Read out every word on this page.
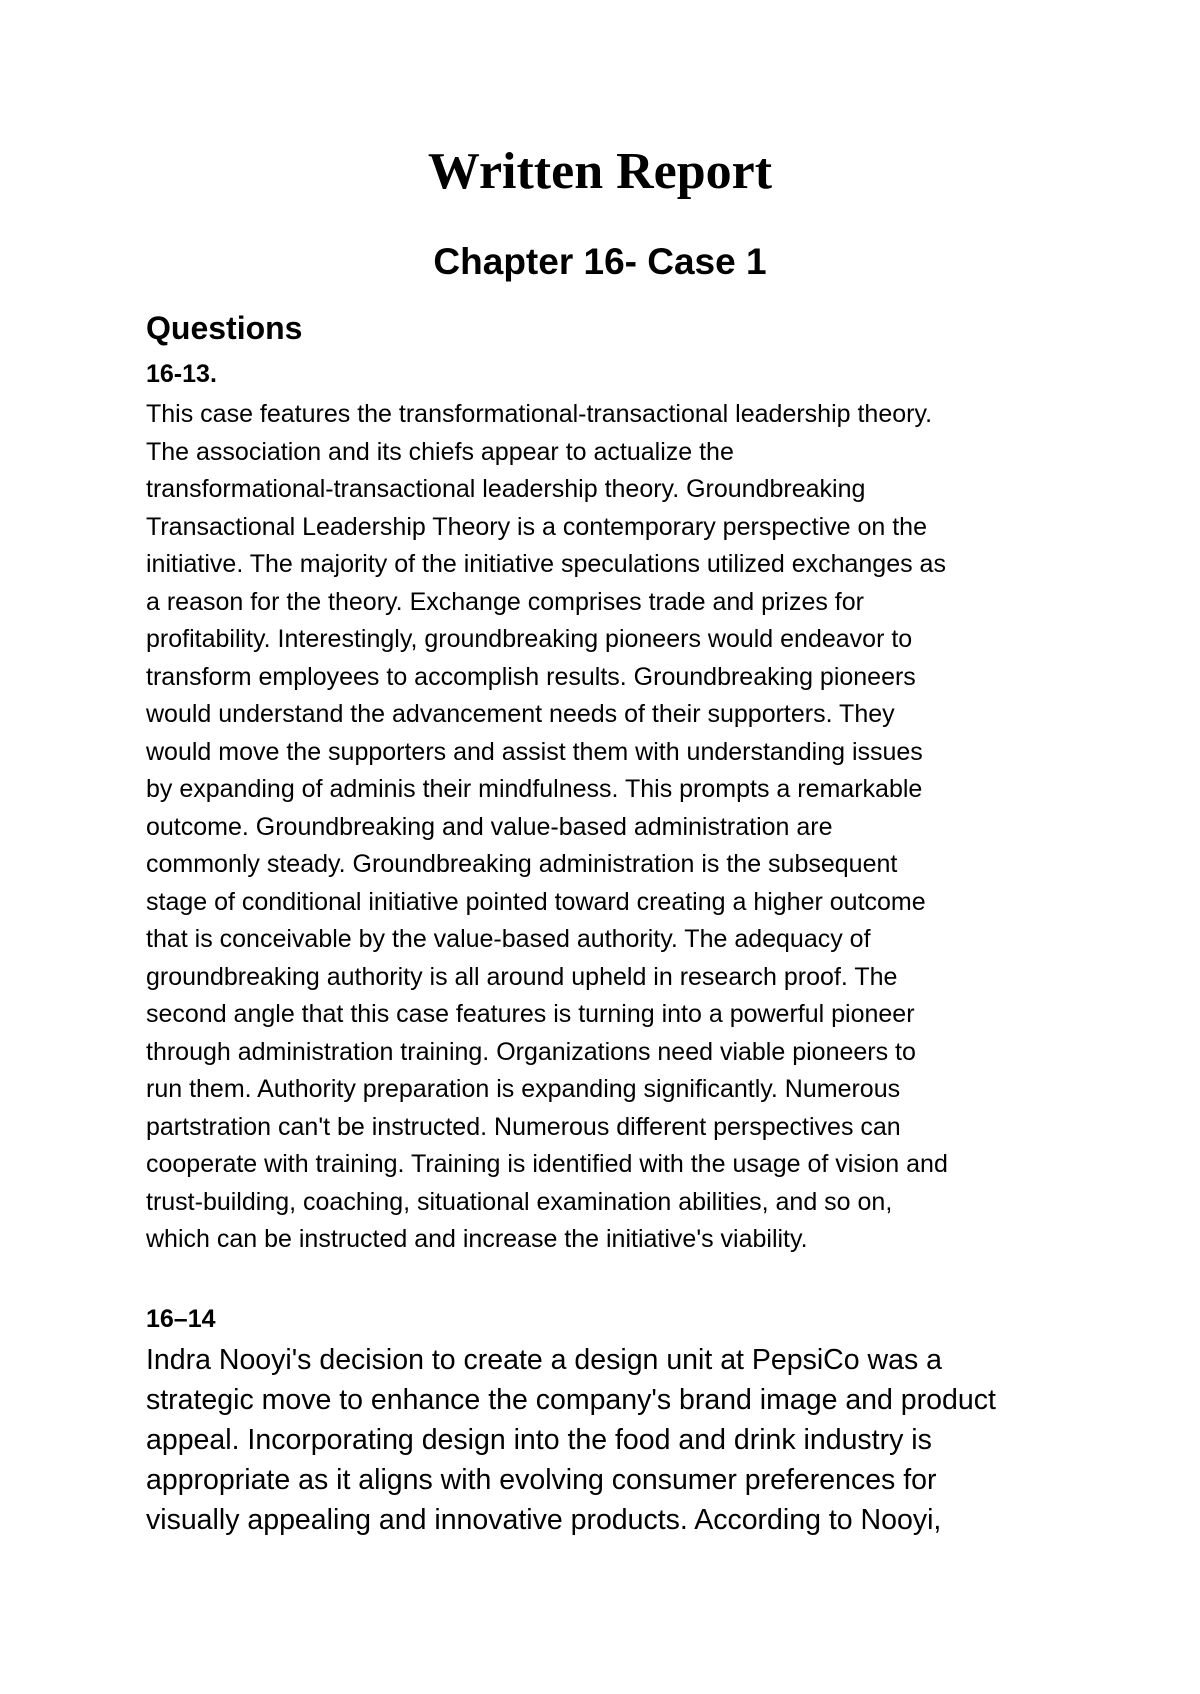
Written Report
Chapter 16- Case 1
Questions
16-13.
This case features the transformational-transactional leadership theory.
The association and its chiefs appear to actualize the
transformational-transactional leadership theory. Groundbreaking
Transactional Leadership Theory is a contemporary perspective on the
initiative. The majority of the initiative speculations utilized exchanges as
a reason for the theory. Exchange comprises trade and prizes for
profitability. Interestingly, groundbreaking pioneers would endeavor to
transform employees to accomplish results. Groundbreaking pioneers
would understand the advancement needs of their supporters. They
would move the supporters and assist them with understanding issues
by expanding of adminis their mindfulness. This prompts a remarkable
outcome. Groundbreaking and value-based administration are
commonly steady. Groundbreaking administration is the subsequent
stage of conditional initiative pointed toward creating a higher outcome
that is conceivable by the value-based authority. The adequacy of
groundbreaking authority is all around upheld in research proof. The
second angle that this case features is turning into a powerful pioneer
through administration training. Organizations need viable pioneers to
run them. Authority preparation is expanding significantly. Numerous
partstration can't be instructed. Numerous different perspectives can
cooperate with training. Training is identified with the usage of vision and
trust-building, coaching, situational examination abilities, and so on,
which can be instructed and increase the initiative's viability.
16–14
Indra Nooyi's decision to create a design unit at PepsiCo was a
strategic move to enhance the company's brand image and product
appeal. Incorporating design into the food and drink industry is
appropriate as it aligns with evolving consumer preferences for
visually appealing and innovative products. According to Nooyi,
